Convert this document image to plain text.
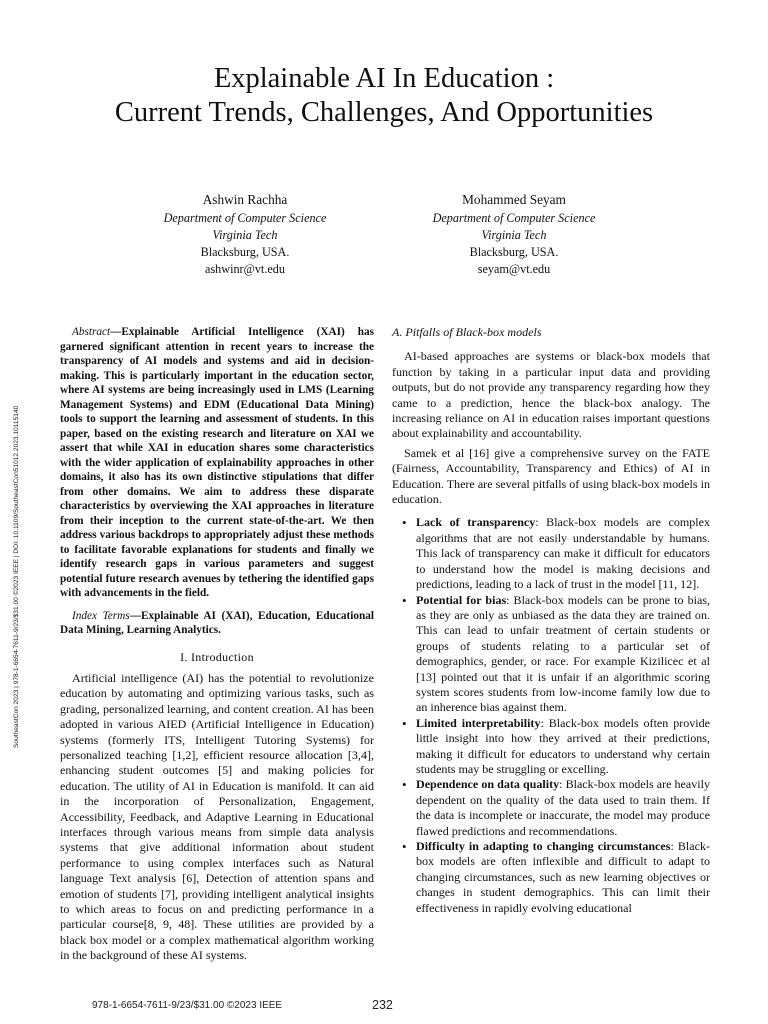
SoutheastCon 2023 | 978-1-6654-7611-9/23/$31.00 ©2023 IEEE | DOI: 10.1109/SoutheastCon51012.2023.10115140
Explainable AI In Education :
Current Trends, Challenges, And Opportunities
Ashwin Rachha
Department of Computer Science
Virginia Tech
Blacksburg, USA.
ashwinr@vt.edu
Mohammed Seyam
Department of Computer Science
Virginia Tech
Blacksburg, USA.
seyam@vt.edu

Abstract—Explainable Artificial Intelligence (XAI) has garnered significant attention in recent years to increase the transparency of AI models and systems and aid in decision-making. This is particularly important in the education sector, where AI systems are being increasingly used in LMS (Learning Management Systems) and EDM (Educational Data Mining) tools to support the learning and assessment of students. In this paper, based on the existing research and literature on XAI we assert that while XAI in education shares some characteristics with the wider application of explainability approaches in other domains, it also has its own distinctive stipulations that differ from other domains. We aim to address these disparate characteristics by overviewing the XAI approaches in literature from their inception to the current state-of-the-art. We then address various backdrops to appropriately adjust these methods to facilitate favorable explanations for students and finally we identify research gaps in various parameters and suggest potential future research avenues by tethering the identified gaps with advancements in the field.

Index Terms—Explainable AI (XAI), Education, Educational Data Mining, Learning Analytics.

I. Introduction

Artificial intelligence (AI) has the potential to revolutionize education by automating and optimizing various tasks, such as grading, personalized learning, and content creation. AI has been adopted in various AIED (Artificial Intelligence in Education) systems (formerly ITS, Intelligent Tutoring Systems) for personalized teaching [1,2], efficient resource allocation [3,4], enhancing student outcomes [5] and making policies for education. The utility of AI in Education is manifold. It can aid in the incorporation of Personalization, Engagement, Accessibility, Feedback, and Adaptive Learning in Educational interfaces through various means from simple data analysis systems that give additional information about student performance to using complex interfaces such as Natural language Text analysis [6], Detection of attention spans and emotion of students [7], providing intelligent analytical insights to which areas to focus on and predicting performance in a particular course[8, 9, 48]. These utilities are provided by a black box model or a complex mathematical algorithm working in the background of these AI systems.

A. Pitfalls of Black-box models

AI-based approaches are systems or black-box models that function by taking in a particular input data and providing outputs, but do not provide any transparency regarding how they came to a prediction, hence the black-box analogy. The increasing reliance on AI in education raises important questions about explainability and accountability.

Samek et al [16] give a comprehensive survey on the FATE (Fairness, Accountability, Transparency and Ethics) of AI in Education. There are several pitfalls of using black-box models in education.

• Lack of transparency: Black-box models are complex algorithms that are not easily understandable by humans. This lack of transparency can make it difficult for educators to understand how the model is making decisions and predictions, leading to a lack of trust in the model [11, 12].
• Potential for bias: Black-box models can be prone to bias, as they are only as unbiased as the data they are trained on. This can lead to unfair treatment of certain students or groups of students relating to a particular set of demographics, gender, or race. For example Kizilicec et al [13] pointed out that it is unfair if an algorithmic scoring system scores students from low-income family low due to an inherence bias against them.
• Limited interpretability: Black-box models often provide little insight into how they arrived at their predictions, making it difficult for educators to understand why certain students may be struggling or excelling.
• Dependence on data quality: Black-box models are heavily dependent on the quality of the data used to train them. If the data is incomplete or inaccurate, the model may produce flawed predictions and recommendations.
• Difficulty in adapting to changing circumstances: Black-box models are often inflexible and difficult to adapt to changing circumstances, such as new learning objectives or changes in student demographics. This can limit their effectiveness in rapidly evolving educational
978-1-6654-7611-9/23/$31.00 ©2023 IEEE	232
